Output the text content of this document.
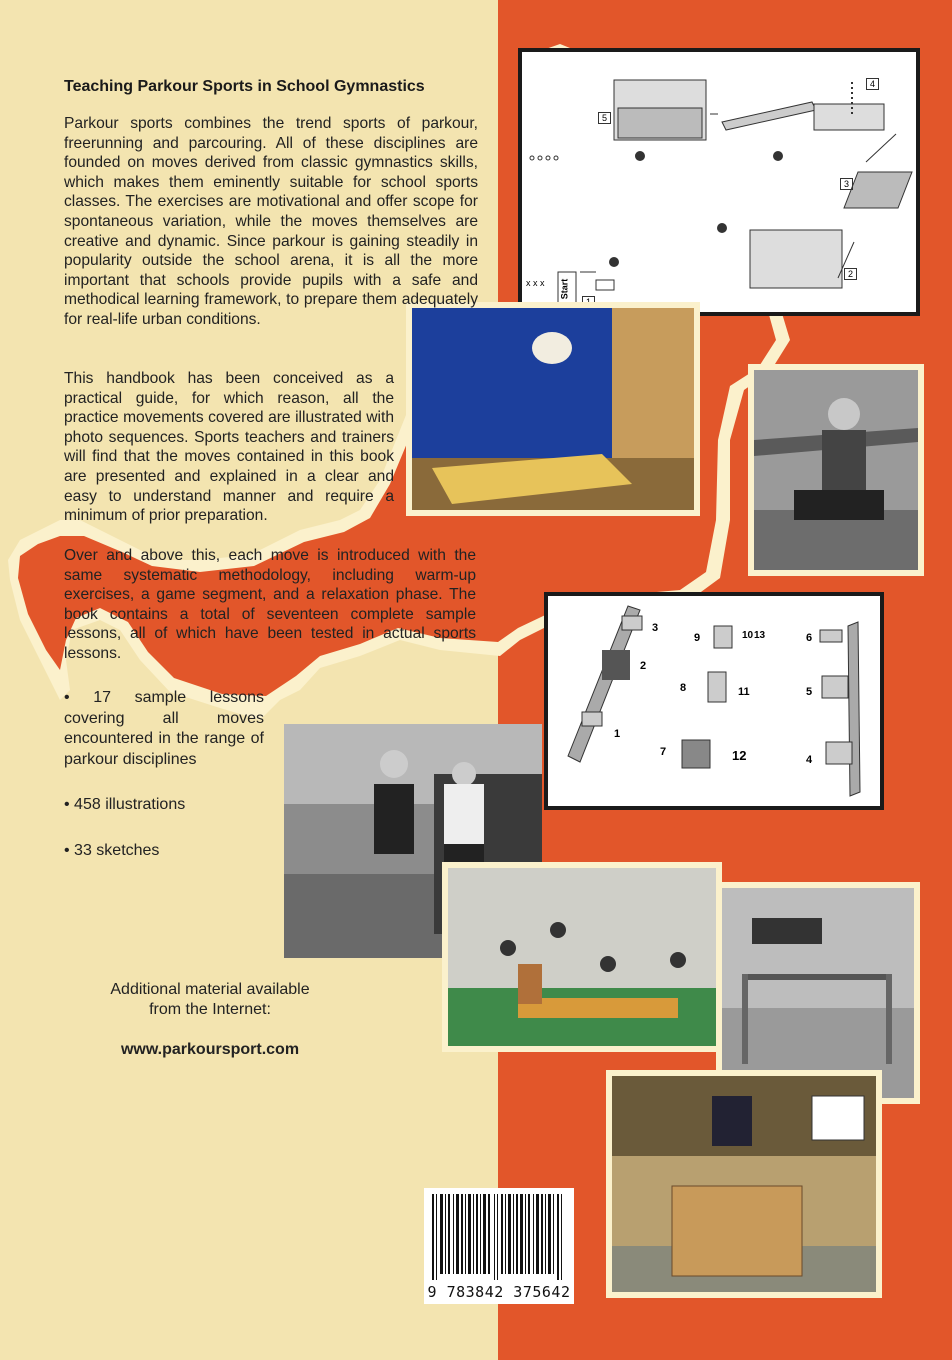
5
4
3
2
Start
x x x
3
2
1
9	10 13
8	11
7	12
6
5
4
Teaching Parkour Sports in School Gymnastics

Parkour sports combines the trend sports of parkour, freerunning and parcouring. All of these disciplines are founded on moves derived from classic gymnastics skills, which makes them eminently suitable for school sports classes. The exercises are motivational and offer scope for spontaneous variation, while the moves themselves are creative and dynamic. Since parkour is gaining steadily in popularity outside the school arena, it is all the more important that schools provide pupils with a safe and methodical learning framework, to prepare them adequately for real-life urban conditions.

This handbook has been conceived as a practical guide, for which reason, all the practice movements covered are illustrated with photo sequences. Sports teachers and trainers will find that the moves contained in this book are presented and explained in a clear and easy to understand manner and require a minimum of prior preparation.

Over and above this, each move is introduced with the same systematic methodology, including warm-up exercises, a game segment, and a relaxation phase. The book contains a total of seventeen complete sample lessons, all of which have been tested in actual sports lessons.

• 17 sample lessons covering all moves encountered in the range of parkour disciplines

• 458 illustrations

• 33 sketches

Additional material available
from the Internet:
www.parkoursport.com
9 783842 375642
